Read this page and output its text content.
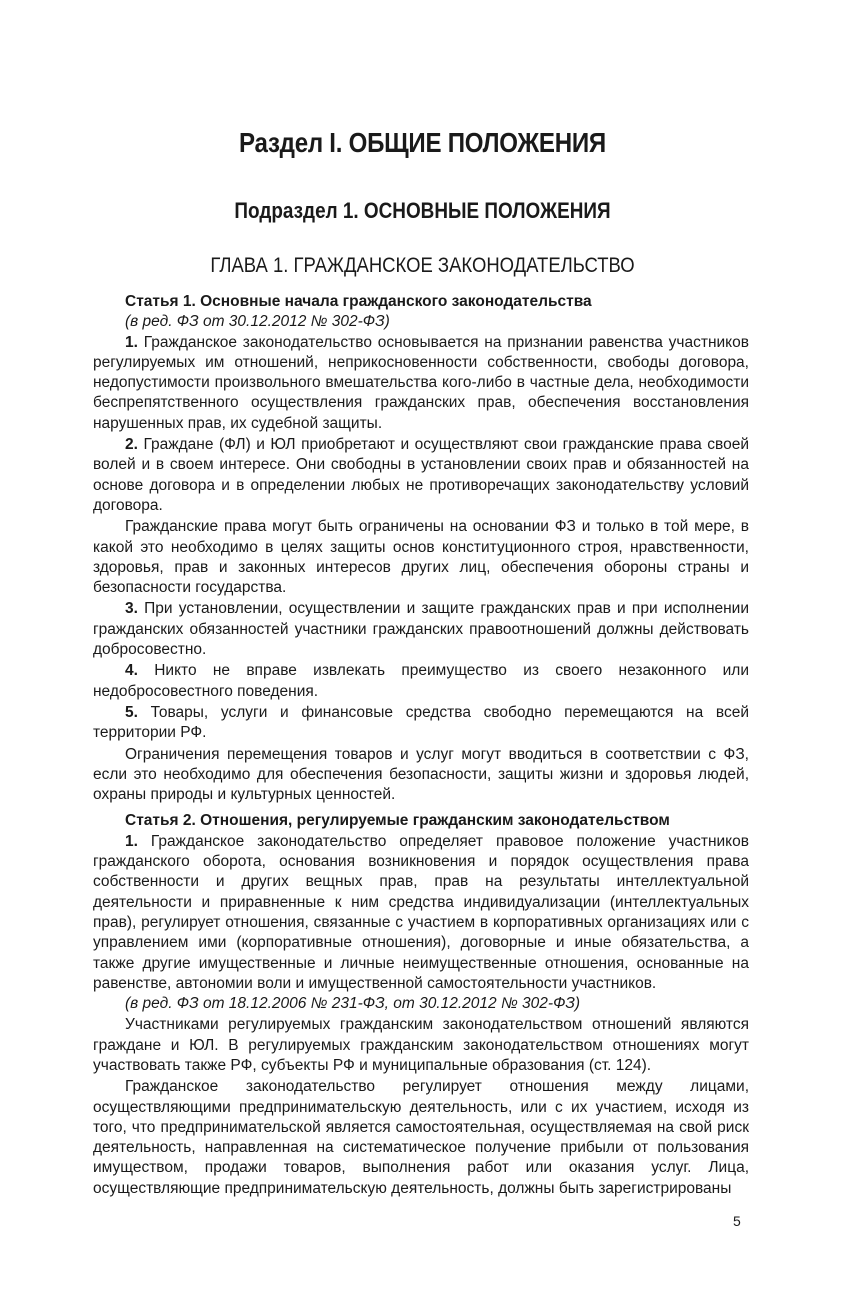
Раздел I. ОБЩИЕ ПОЛОЖЕНИЯ
Подраздел 1. ОСНОВНЫЕ ПОЛОЖЕНИЯ
ГЛАВА 1. ГРАЖДАНСКОЕ ЗАКОНОДАТЕЛЬСТВО

Статья 1. Основные начала гражданского законодательства

(в ред. ФЗ от 30.12.2012 № 302-ФЗ)

1. Гражданское законодательство основывается на признании равенства участников регулируемых им отношений, неприкосновенности собственности, свободы договора, недопустимости произвольного вмешательства кого-либо в частные дела, необходимости беспрепятственного осуществления гражданских прав, обеспечения восстановления нарушенных прав, их судебной защиты.

2. Граждане (ФЛ) и ЮЛ приобретают и осуществляют свои гражданские права своей волей и в своем интересе. Они свободны в установлении своих прав и обязанностей на основе договора и в определении любых не противоречащих законодательству условий договора.

Гражданские права могут быть ограничены на основании ФЗ и только в той мере, в какой это необходимо в целях защиты основ конституционного строя, нравственности, здоровья, прав и законных интересов других лиц, обеспечения обороны страны и безопасности государства.

3. При установлении, осуществлении и защите гражданских прав и при исполнении гражданских обязанностей участники гражданских правоотношений должны действовать добросовестно.

4. Никто не вправе извлекать преимущество из своего незаконного или недобросовестного поведения.

5. Товары, услуги и финансовые средства свободно перемещаются на всей территории РФ.

Ограничения перемещения товаров и услуг могут вводиться в соответствии с ФЗ, если это необходимо для обеспечения безопасности, защиты жизни и здоровья людей, охраны природы и культурных ценностей.

Статья 2. Отношения, регулируемые гражданским законодательством

1. Гражданское законодательство определяет правовое положение участников гражданского оборота, основания возникновения и порядок осуществления права собственности и других вещных прав, прав на результаты интеллектуальной деятельности и приравненные к ним средства индивидуализации (интеллектуальных прав), регулирует отношения, связанные с участием в корпоративных организациях или с управлением ими (корпоративные отношения), договорные и иные обязательства, а также другие имущественные и личные неимущественные отношения, основанные на равенстве, автономии воли и имущественной самостоятельности участников.

(в ред. ФЗ от 18.12.2006 № 231-ФЗ, от 30.12.2012 № 302-ФЗ)

Участниками регулируемых гражданским законодательством отношений являются граждане и ЮЛ. В регулируемых гражданским законодательством отношениях могут участвовать также РФ, субъекты РФ и муниципальные образования (ст. 124).

Гражданское законодательство регулирует отношения между лицами, осуществляющими предпринимательскую деятельность, или с их участием, исходя из того, что предпринимательской является самостоятельная, осуществляемая на свой риск деятельность, направленная на систематическое получение прибыли от пользования имуществом, продажи товаров, выполнения работ или оказания услуг. Лица, осуществляющие предпринимательскую деятельность, должны быть зарегистрированы

5
